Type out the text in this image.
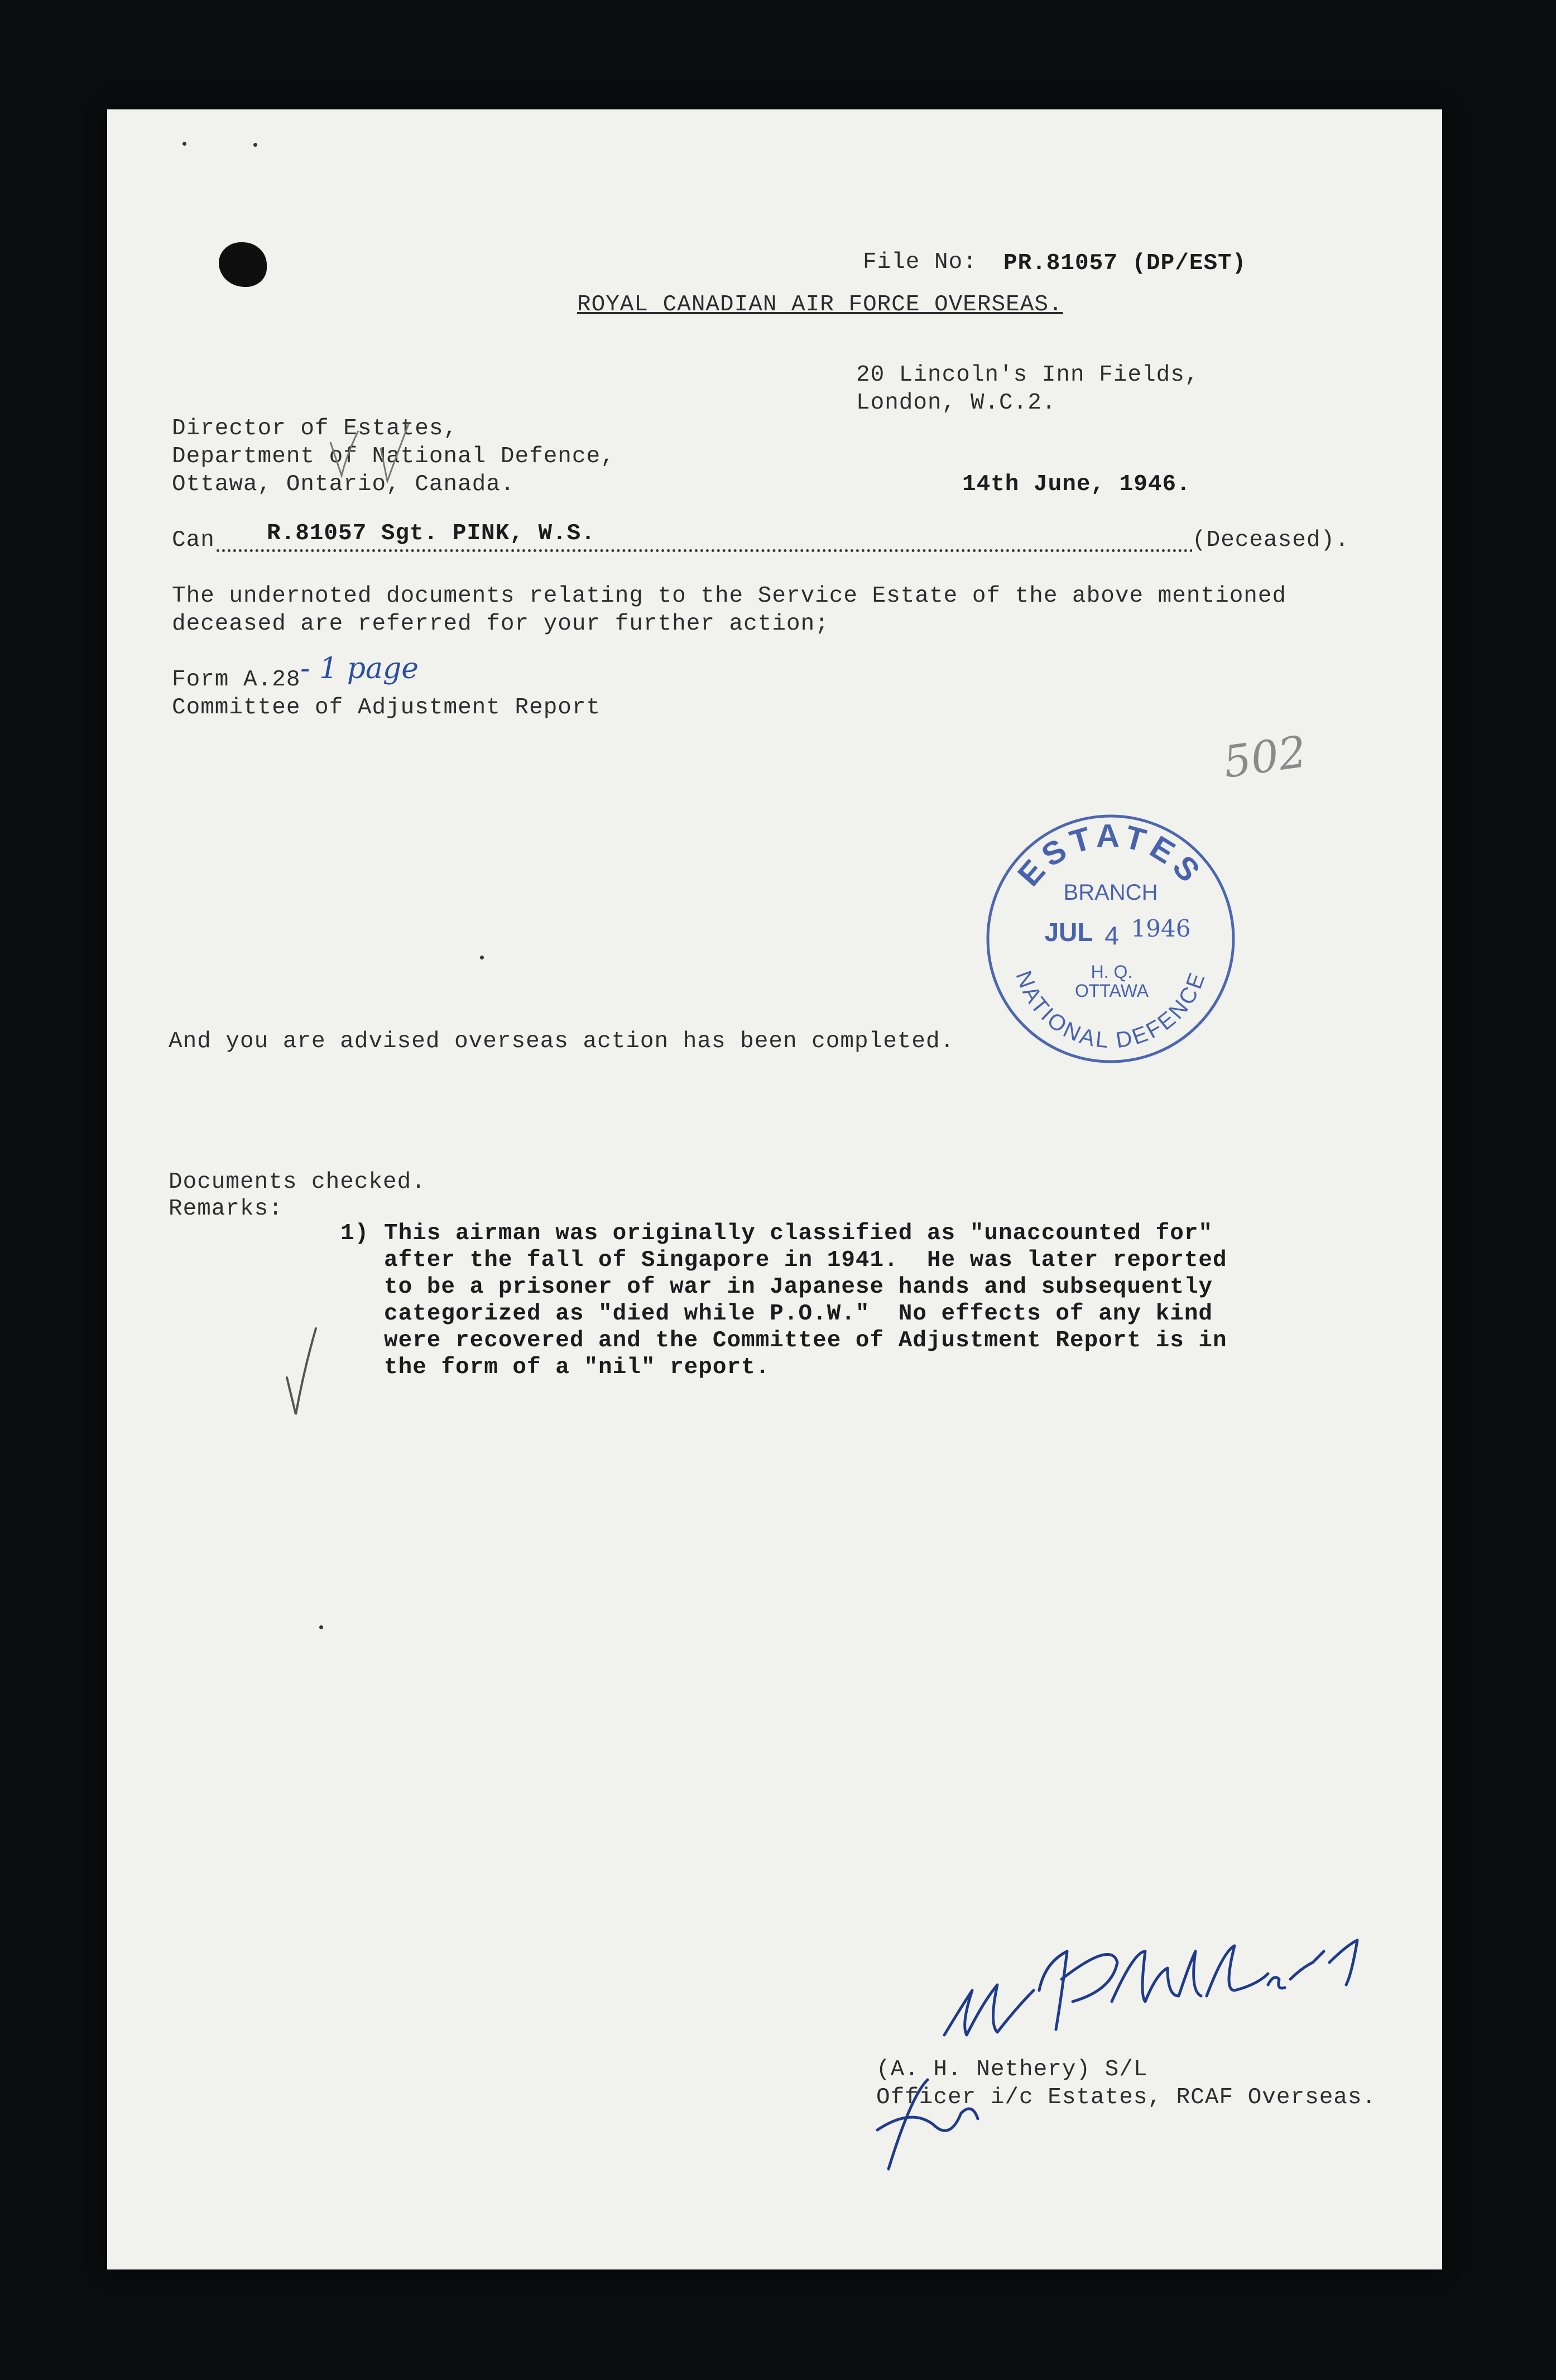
File No: PR.81057 (DP/EST)
ROYAL CANADIAN AIR FORCE OVERSEAS.
20 Lincoln's Inn Fields,
London, W.C.2.
Director of Estates,
Department of National Defence,
Ottawa, Ontario, Canada.	14th June, 1946.
Can R.81057 Sgt. PINK, W.S.	(Deceased).
The undernoted documents relating to the Service Estate of the above mentioned
deceased are referred for your further action;
Form A.28 - 1 page
Committee of Adjustment Report
502
ESTATES
NATIONAL DEFENCE
BRANCH
JUL 4 1946
H. Q.
OTTAWA
And you are advised overseas action has been completed.
Documents checked.
Remarks:
1) This airman was originally classified as "unaccounted for"
after the fall of Singapore in 1941.  He was later reported
to be a prisoner of war in Japanese hands and subsequently
categorized as "died while P.O.W."  No effects of any kind
were recovered and the Committee of Adjustment Report is in
the form of a "nil" report.
(A. H. Nethery) S/L
Officer i/c Estates, RCAF Overseas.
